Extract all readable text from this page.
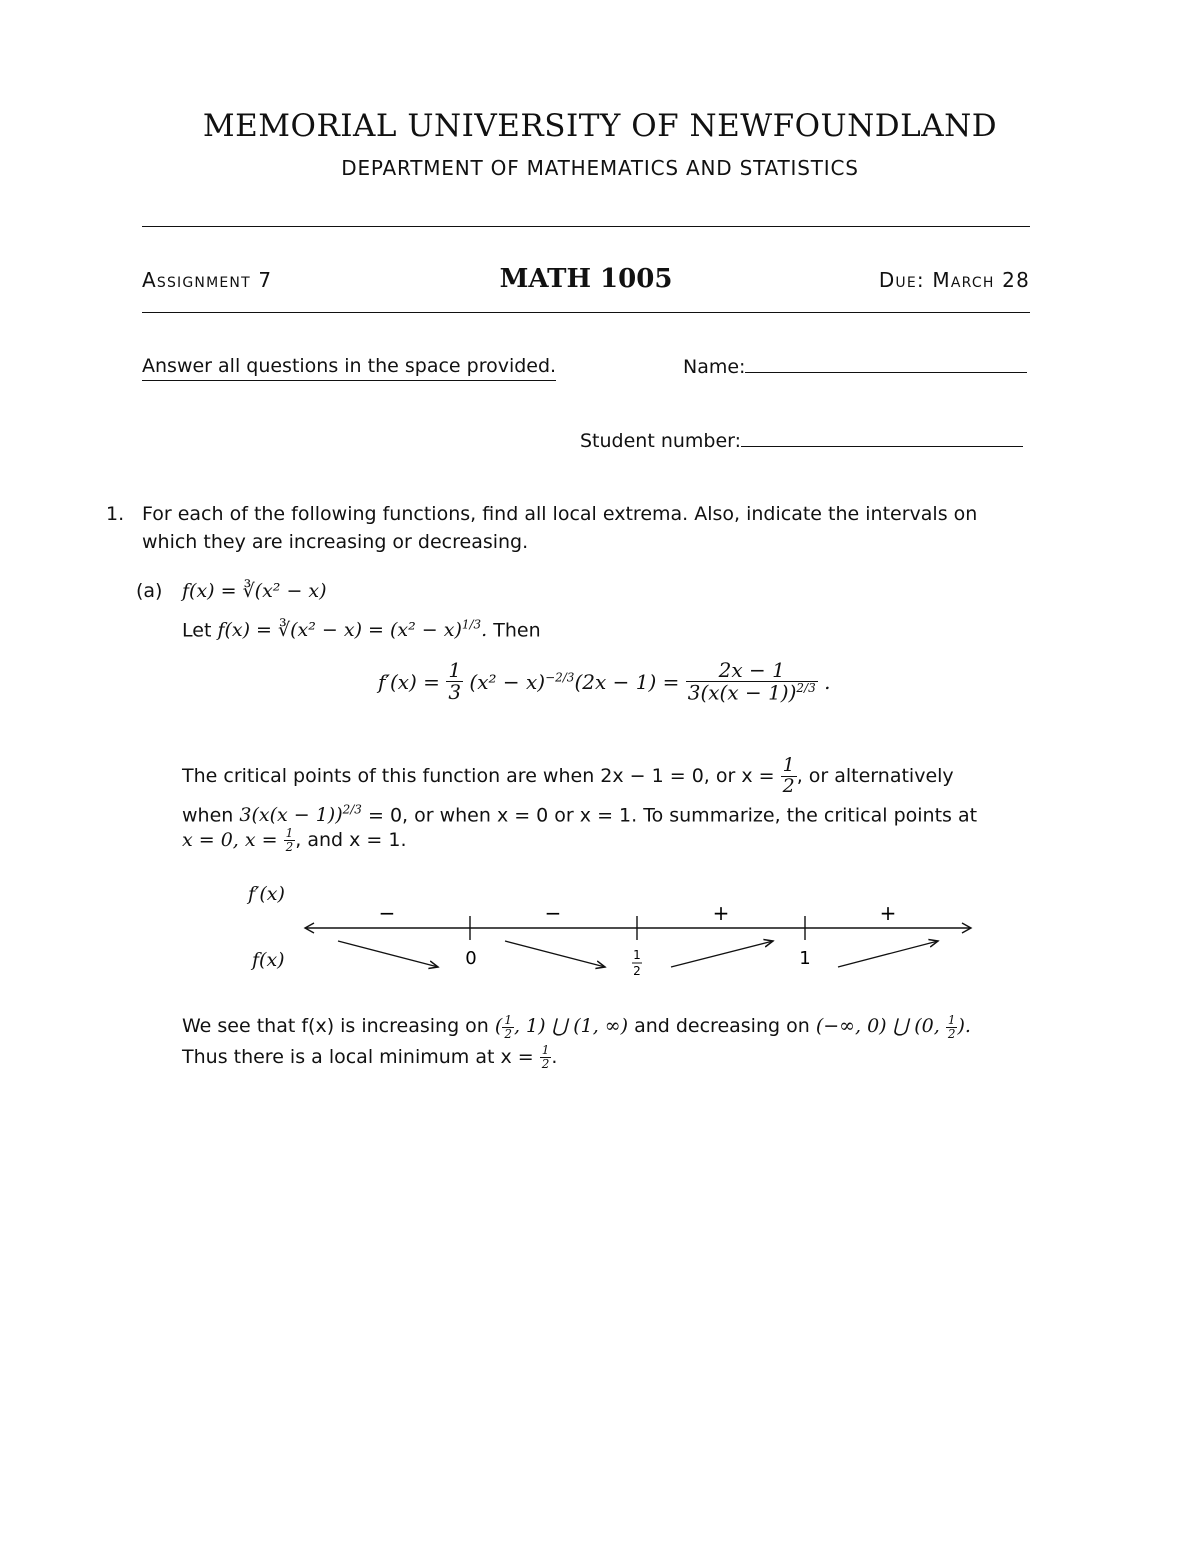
MEMORIAL UNIVERSITY OF NEWFOUNDLAND
DEPARTMENT OF MATHEMATICS AND STATISTICS
Assignment 7	MATH 1005	Due: March 28
Answer all questions in the space provided.	Name:
Student number:
1. For each of the following functions, find all local extrema. Also, indicate the intervals on
which they are increasing or decreasing.
(a) f(x) = ∛(x² − x)
Let f(x) = ∛(x² − $x) = (x^2 - x)^{1/3}$. Then
$f'(x) = \frac{1}{3} (x^2 - x)^{-2/3}(2x - 1) = \frac{2x - 1}{3(x(x - 1))^{2/3}}$ .
The critical points of this function are when 2x − 1 = 0, or $x = \frac{1}{2}$ , or alternatively
when $3(x(x - 1))^{2/3} = 0$, or when x = 0 or x = 1. To summarize, the critical points at
x = 0, $x = \frac{1}{2}$ , and x = 1.
f′(x)
f(x)
−	−	+	+
0	1
2
1
We see that f(x) is increasing on ( $\frac{1}{2}$ , 1) ⋃ (1, ∞) and decreasing on (−∞, 0) ⋃ (0, $\frac{1}{2}$ ).
Thus there is a local minimum at $x = \frac{1}{2}$ .
